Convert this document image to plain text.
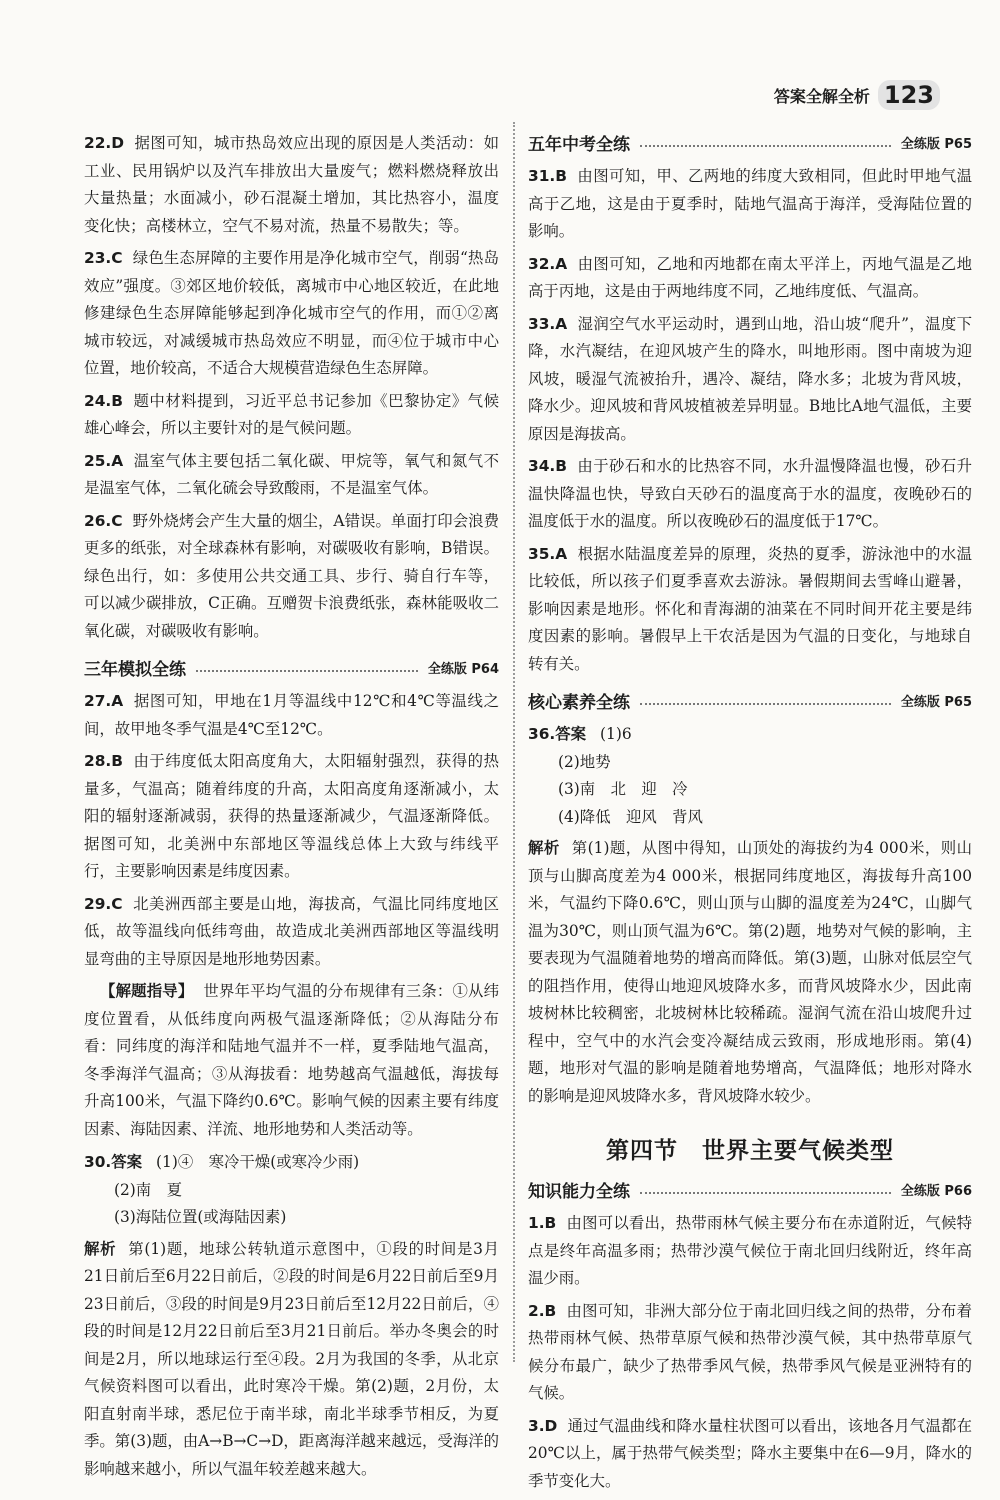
答案全解全析 123
22.D 据图可知，城市热岛效应出现的原因是人类活动：如工业、民用锅炉以及汽车排放出大量废气；燃料燃烧释放出大量热量；水面减小，砂石混凝土增加，其比热容小，温度变化快；高楼林立，空气不易对流，热量不易散失；等。
23.C 绿色生态屏障的主要作用是净化城市空气，削弱“热岛效应”强度。③郊区地价较低，离城市中心地区较近，在此地修建绿色生态屏障能够起到净化城市空气的作用，而①②离城市较远，对减缓城市热岛效应不明显，而④位于城市中心位置，地价较高，不适合大规模营造绿色生态屏障。
24.B 题中材料提到，习近平总书记参加《巴黎协定》气候雄心峰会，所以主要针对的是气候问题。
25.A 温室气体主要包括二氧化碳、甲烷等，氧气和氮气不是温室气体，二氧化硫会导致酸雨，不是温室气体。
26.C 野外烧烤会产生大量的烟尘，A错误。单面打印会浪费更多的纸张，对全球森林有影响，对碳吸收有影响，B错误。绿色出行，如：多使用公共交通工具、步行、骑自行车等，可以减少碳排放，C正确。互赠贺卡浪费纸张，森林能吸收二氧化碳，对碳吸收有影响。
三年模拟全练	全练版 P64
27.A 据图可知，甲地在1月等温线中12℃和4℃等温线之间，故甲地冬季气温是4℃至12℃。
28.B 由于纬度低太阳高度角大，太阳辐射强烈，获得的热量多，气温高；随着纬度的升高，太阳高度角逐渐减小，太阳的辐射逐渐减弱，获得的热量逐渐减少，气温逐渐降低。据图可知，北美洲中东部地区等温线总体上大致与纬线平行，主要影响因素是纬度因素。
29.C 北美洲西部主要是山地，海拔高，气温比同纬度地区低，故等温线向低纬弯曲，故造成北美洲西部地区等温线明显弯曲的主导原因是地形地势因素。
【解题指导】 世界年平均气温的分布规律有三条：①从纬度位置看，从低纬度向两极气温逐渐降低；②从海陆分布看：同纬度的海洋和陆地气温并不一样，夏季陆地气温高，冬季海洋气温高；③从海拔看：地势越高气温越低，海拔每升高100米，气温下降约0.6℃。影响气候的因素主要有纬度因素、海陆因素、洋流、地形地势和人类活动等。
30.答案 (1)④　寒冷干燥(或寒冷少雨)
(2)南　夏
(3)海陆位置(或海陆因素)
解析 第(1)题，地球公转轨道示意图中，①段的时间是3月21日前后至6月22日前后，②段的时间是6月22日前后至9月23日前后，③段的时间是9月23日前后至12月22日前后，④段的时间是12月22日前后至3月21日前后。举办冬奥会的时间是2月，所以地球运行至④段。2月为我国的冬季，从北京气候资料图可以看出，此时寒冷干燥。第(2)题，2月份，太阳直射南半球，悉尼位于南半球，南北半球季节相反，为夏季。第(3)题，由A→B→C→D，距离海洋越来越远，受海洋的影响越来越小，所以气温年较差越来越大。
五年中考全练	全练版 P65
31.B 由图可知，甲、乙两地的纬度大致相同，但此时甲地气温高于乙地，这是由于夏季时，陆地气温高于海洋，受海陆位置的影响。
32.A 由图可知，乙地和丙地都在南太平洋上，丙地气温是乙地高于丙地，这是由于两地纬度不同，乙地纬度低、气温高。
33.A 湿润空气水平运动时，遇到山地，沿山坡“爬升”，温度下降，水汽凝结，在迎风坡产生的降水，叫地形雨。图中南坡为迎风坡，暖湿气流被抬升，遇冷、凝结，降水多；北坡为背风坡，降水少。迎风坡和背风坡植被差异明显。B地比A地气温低，主要原因是海拔高。
34.B 由于砂石和水的比热容不同，水升温慢降温也慢，砂石升温快降温也快，导致白天砂石的温度高于水的温度，夜晚砂石的温度低于水的温度。所以夜晚砂石的温度低于17℃。
35.A 根据水陆温度差异的原理，炎热的夏季，游泳池中的水温比较低，所以孩子们夏季喜欢去游泳。暑假期间去雪峰山避暑，影响因素是地形。怀化和青海湖的油菜在不同时间开花主要是纬度因素的影响。暑假早上干农活是因为气温的日变化，与地球自转有关。
核心素养全练	全练版 P65
36.答案 (1)6
(2)地势
(3)南　北　迎　冷
(4)降低　迎风　背风
解析 第(1)题，从图中得知，山顶处的海拔约为4 000米，则山顶与山脚高度差为4 000米，根据同纬度地区，海拔每升高100米，气温约下降0.6℃，则山顶与山脚的温度差为24℃，山脚气温为30℃，则山顶气温为6℃。第(2)题，地势对气候的影响，主要表现为气温随着地势的增高而降低。第(3)题，山脉对低层空气的阻挡作用，使得山地迎风坡降水多，而背风坡降水少，因此南坡树林比较稠密，北坡树林比较稀疏。湿润气流在沿山坡爬升过程中，空气中的水汽会变冷凝结成云致雨，形成地形雨。第(4)题，地形对气温的影响是随着地势增高，气温降低；地形对降水的影响是迎风坡降水多，背风坡降水较少。
第四节　世界主要气候类型
知识能力全练	全练版 P66
1.B 由图可以看出，热带雨林气候主要分布在赤道附近，气候特点是终年高温多雨；热带沙漠气候位于南北回归线附近，终年高温少雨。
2.B 由图可知，非洲大部分位于南北回归线之间的热带，分布着热带雨林气候、热带草原气候和热带沙漠气候，其中热带草原气候分布最广，缺少了热带季风气候，热带季风气候是亚洲特有的气候。
3.D 通过气温曲线和降水量柱状图可以看出，该地各月气温都在20℃以上，属于热带气候类型；降水主要集中在6—9月，降水的季节变化大。
